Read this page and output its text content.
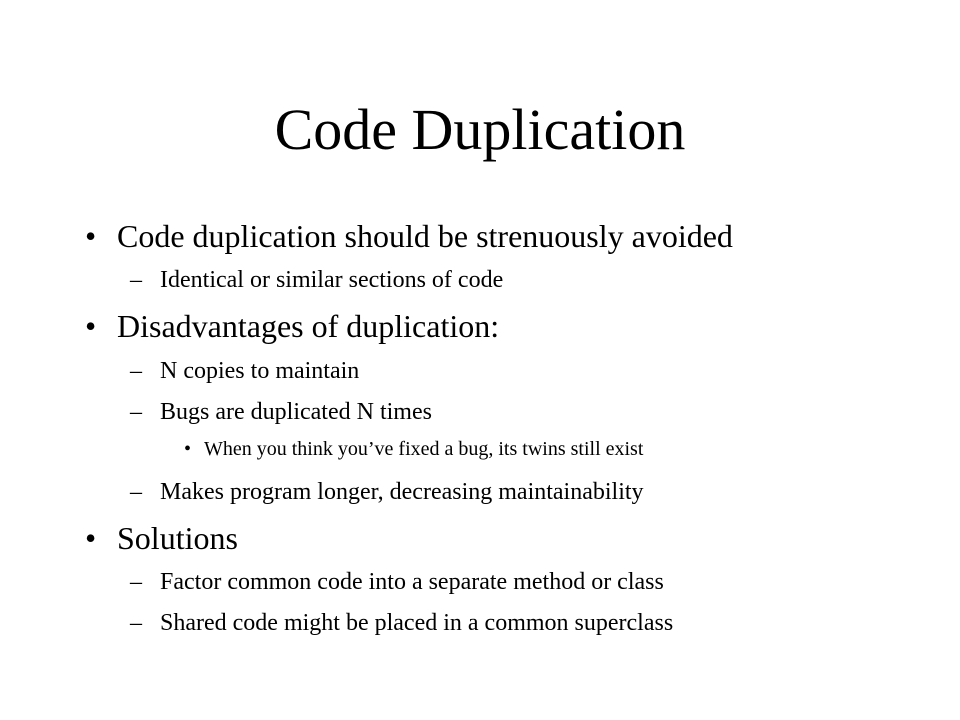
Code Duplication
• Code duplication should be strenuously avoided
– Identical or similar sections of code
• Disadvantages of duplication:
– N copies to maintain
– Bugs are duplicated N times
• When you think you’ve fixed a bug, its twins still exist
– Makes program longer, decreasing maintainability
• Solutions
– Factor common code into a separate method or class
– Shared code might be placed in a common superclass
